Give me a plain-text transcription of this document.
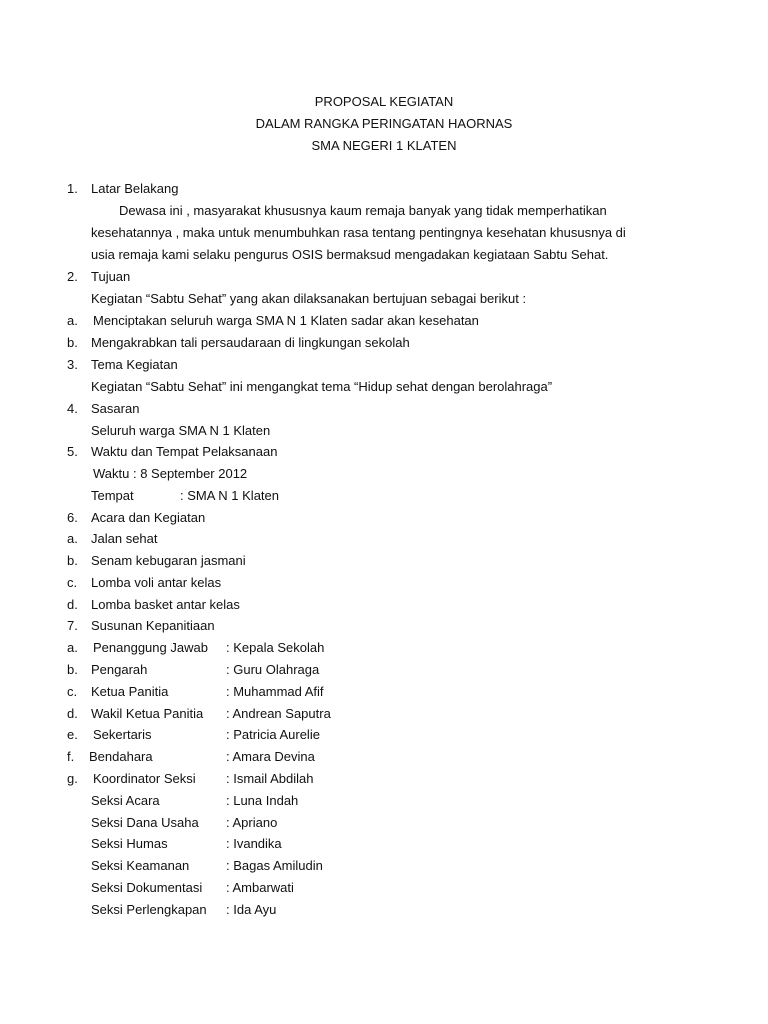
PROPOSAL KEGIATAN
DALAM RANGKA PERINGATAN HAORNAS
SMA NEGERI 1 KLATEN
1. Latar Belakang
Dewasa ini , masyarakat khususnya kaum remaja banyak yang tidak memperhatikan
kesehatannya , maka untuk menumbuhkan rasa tentang pentingnya kesehatan khususnya di
usia remaja kami selaku pengurus OSIS bermaksud mengadakan kegiataan Sabtu Sehat.
2. Tujuan
Kegiatan “Sabtu Sehat” yang akan dilaksanakan bertujuan sebagai berikut :
a. Menciptakan seluruh warga SMA N 1 Klaten sadar akan kesehatan
b. Mengakrabkan tali persaudaraan di lingkungan sekolah
3. Tema Kegiatan
Kegiatan “Sabtu Sehat” ini mengangkat tema “Hidup sehat dengan berolahraga”
4. Sasaran
Seluruh warga SMA N 1 Klaten
5. Waktu dan Tempat Pelaksanaan
Waktu : 8 September 2012
Tempat	: SMA N 1 Klaten
6. Acara dan Kegiatan
a. Jalan sehat
b. Senam kebugaran jasmani
c. Lomba voli antar kelas
d. Lomba basket antar kelas
7. Susunan Kepanitiaan
a. Penanggung Jawab : Kepala Sekolah
b. Pengarah	: Guru Olahraga
c. Ketua Panitia	: Muhammad Afif
d. Wakil Ketua Panitia : Andrean Saputra
e. Sekertaris	: Patricia Aurelie
f. Bendahara	: Amara Devina
g. Koordinator Seksi : Ismail Abdilah
Seksi Acara	: Luna Indah
Seksi Dana Usaha : Apriano
Seksi Humas	: Ivandika
Seksi Keamanan	: Bagas Amiludin
Seksi Dokumentasi : Ambarwati
Seksi Perlengkapan : Ida Ayu
